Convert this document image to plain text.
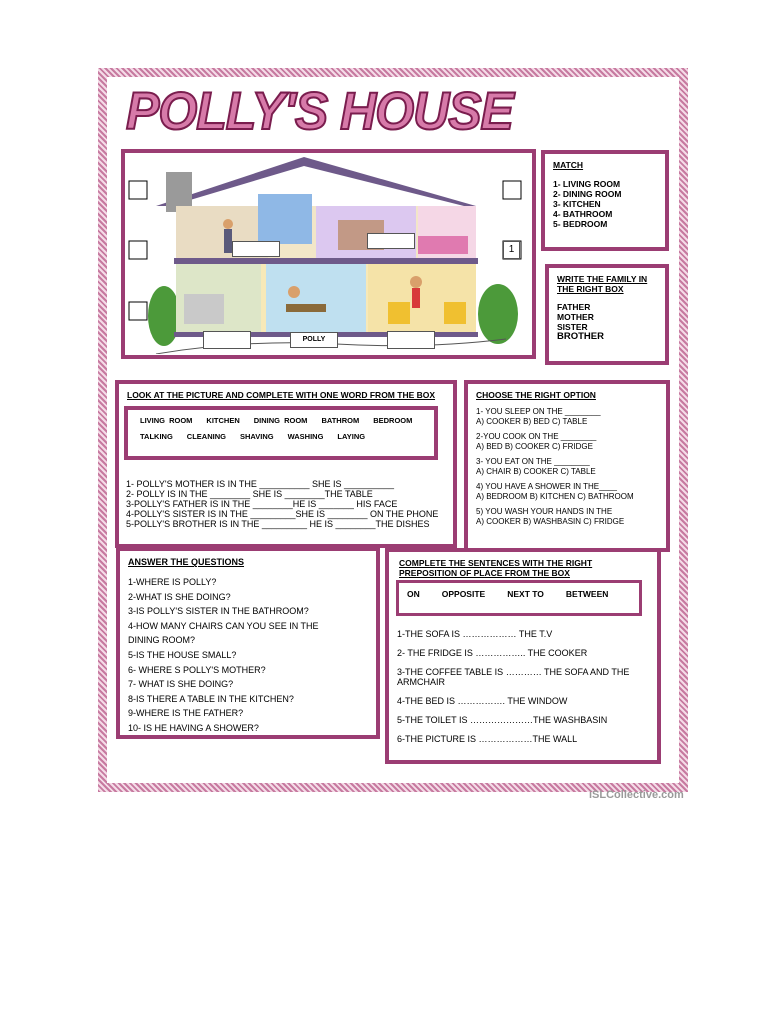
POLLY'S HOUSE
POLLY
1
MATCH
1- LIVING ROOM
2- DINING ROOM
3- KITCHEN
4- BATHROOM
5- BEDROOM
WRITE THE FAMILY IN THE RIGHT BOX
FATHER
MOTHER
SISTER
BROTHER
LOOK AT THE PICTURE AND COMPLETE WITH ONE WORD FROM THE BOX
LIVING ROOM KITCHEN DINING ROOM BATHROM BEDROOM
TALKING CLEANING SHAVING WASHING LAYING
1- POLLY'S MOTHER IS IN THE __________ SHE IS __________
2- POLLY IS IN THE ________ SHE IS ________THE TABLE
3-POLLY'S FATHER IS IN THE ________HE IS _______ HIS FACE
4-POLLY'S SISTER IS IN THE _________SHE IS ________ ON THE PHONE
5-POLLY'S BROTHER IS IN THE _________ HE IS ________THE DISHES
CHOOSE THE RIGHT OPTION
1- YOU SLEEP ON THE ________
A) COOKER B) BED C) TABLE
2-YOU COOK ON THE ________
A) BED B) COOKER C) FRIDGE
3- YOU EAT ON THE ________
A) CHAIR B) COOKER C) TABLE
4) YOU HAVE A SHOWER IN THE____
A) BEDROOM B) KITCHEN C) BATHROOM
5) YOU WASH YOUR HANDS IN THE
A) COOKER B) WASHBASIN C) FRIDGE
ANSWER THE QUESTIONS
1-WHERE IS POLLY?
2-WHAT IS SHE DOING?
3-IS POLLY'S SISTER IN THE BATHROOM?
4-HOW MANY CHAIRS CAN YOU SEE IN THE
DINING ROOM?
5-IS THE HOUSE SMALL?
6- WHERE S POLLY'S MOTHER?
7- WHAT IS SHE DOING?
8-IS THERE A TABLE IN THE KITCHEN?
9-WHERE IS THE FATHER?
10- IS HE HAVING A SHOWER?
COMPLETE THE SENTENCES WITH THE RIGHT PREPOSITION OF PLACE FROM THE BOX
ON	OPPOSITE	NEXT TO	BETWEEN
1-THE SOFA IS ……………… THE T.V
2- THE FRIDGE IS …………….. THE COOKER
3-THE COFFEE TABLE IS ………… THE SOFA AND THE ARMCHAIR
4-THE BED IS ……………. THE WINDOW
5-THE TOILET IS …………………THE WASHBASIN
6-THE PICTURE IS ………………THE WALL
iSLCollective.com
